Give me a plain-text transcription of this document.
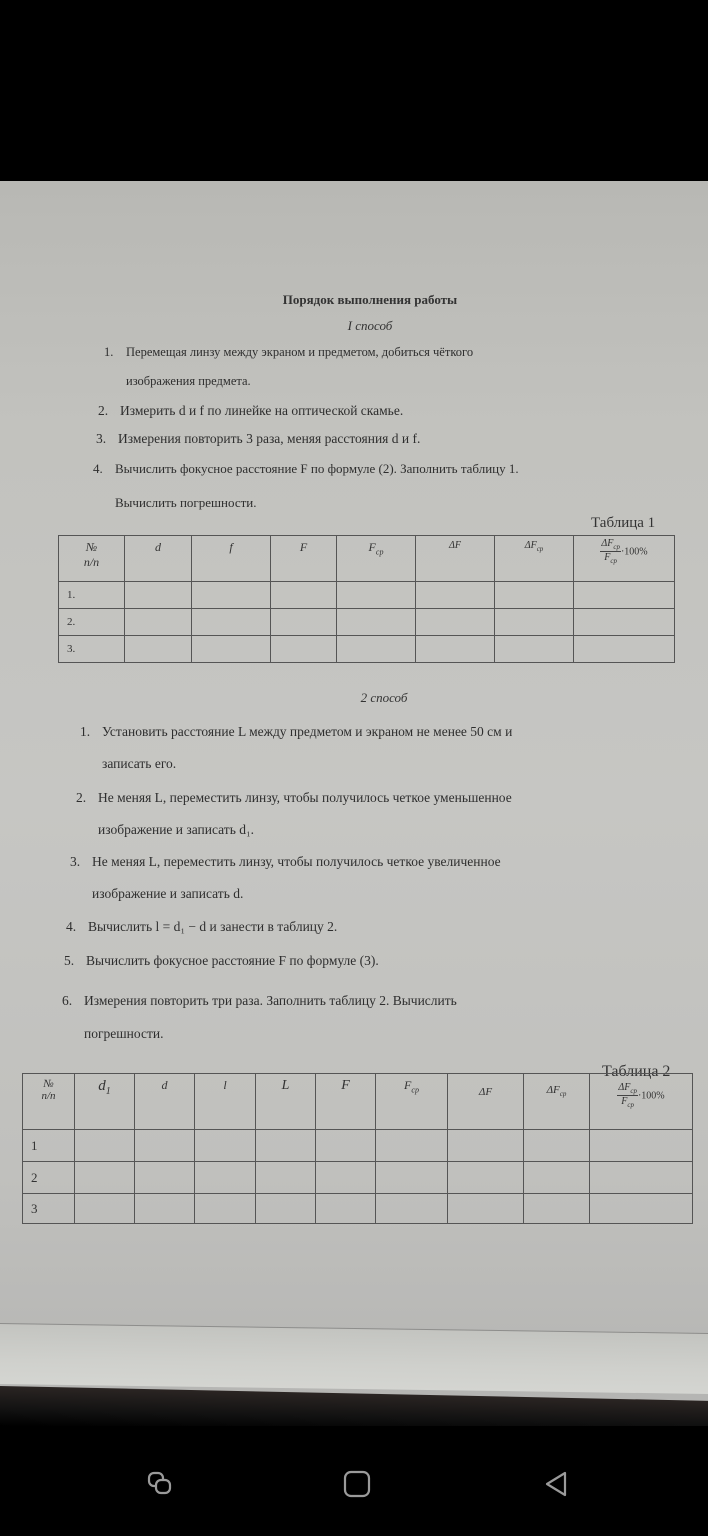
Порядок выполнения работы
I способ
1. Перемещая линзу между экраном и предметом, добиться чёткого
изображения предмета.
2. Измерить d и f по линейке на оптической скамье.
3. Измерения повторить 3 раза, меняя расстояния d и f.
4. Вычислить фокусное расстояние F по формуле (2). Заполнить таблицу 1.
Вычислить погрешности.
Таблица 1
№
п/п	d	f	F	$F_{ср}$	ΔF	$\Delta F_{ср}$	$\frac{\Delta F_{ср}}{F_{ср}} \cdot 100\%$
1.							
2.							
3.							
2 способ
1. Установить расстояние L между предметом и экраном не менее 50 см и
записать его.
2. Не меняя L, переместить линзу, чтобы получилось четкое уменьшенное
изображение и записать d₁.
3. Не меняя L, переместить линзу, чтобы получилось четкое увеличенное
изображение и записать d.
4. Вычислить l = d₁ − d и занести в таблицу 2.
5. Вычислить фокусное расстояние F по формуле (3).
6. Измерения повторить три раза. Заполнить таблицу 2. Вычислить
погрешности.
Таблица 2
№
п/п	$d_1$	d	l	L	F	$F_{ср}$	ΔF	$\Delta F_{ср}$	$\frac{\Delta F_{ср}}{F_{ср}} \cdot 100\%$
1									
2									
3									
